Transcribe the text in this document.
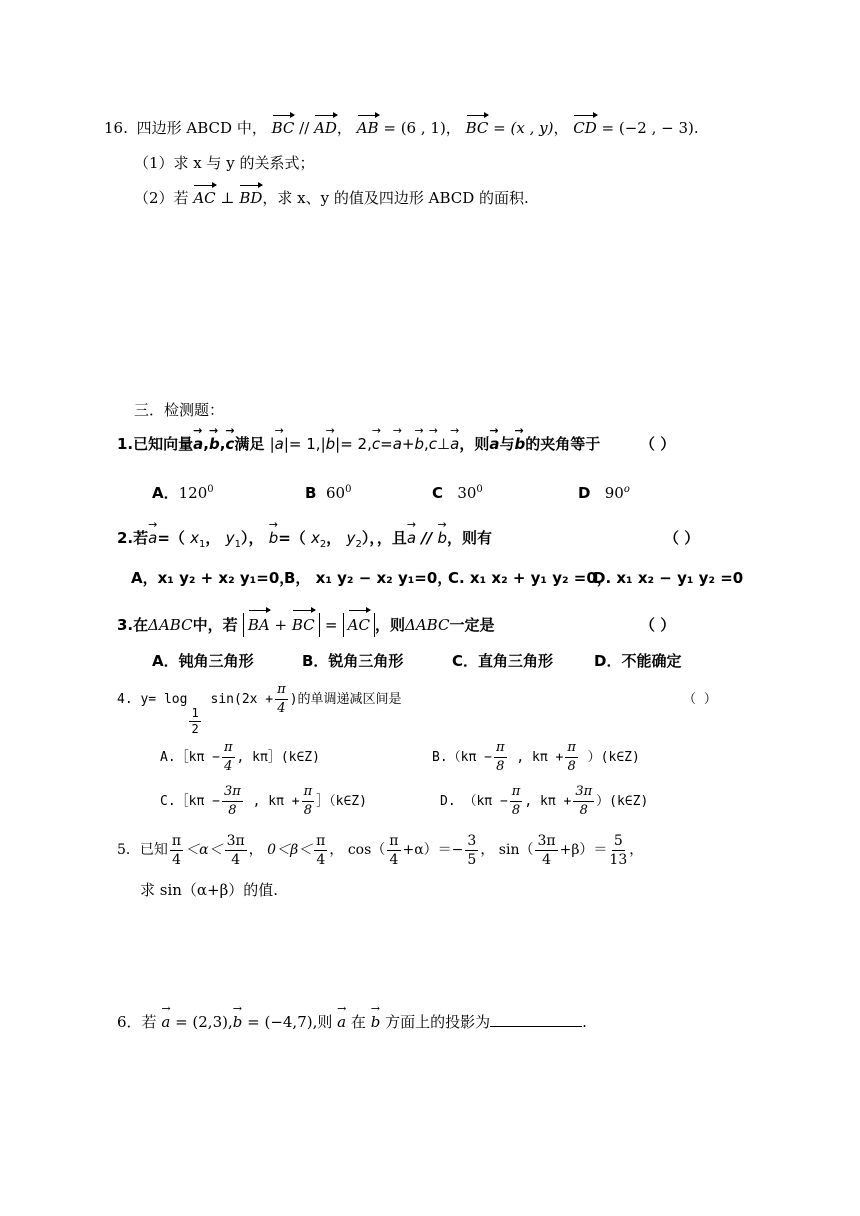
16. 四边形 ABCD 中， BC // AD， AB = (6 , 1)， BC = (x , y)， CD = (−2 , − 3).
（1）求 x 与 y 的关系式；
（2）若 AC ⊥ BD，求 x、y 的值及四边形 ABCD 的面积.
三．检测题：
1.已知向量→ a,→ b,→ c满足 |→ a|= 1,|→ b|= 2,→ c=→ a+→ b,→ c⊥→ a，则→ a与→ b的夹角等于	（ ）
A．$120^0$	B $60^0$	C $30^0$	D 90$^o$
2.若→ a=（ $x_1$， $y_1$）， → b=（ $x_2$， $y_2$），，且→ a // → b，则有	（ ）
A，x₁ y₂ + x₂ y₁=0，
B， x₁ y₂ − x₂ y₁=0，
C. x₁ x₂ + y₁ y₂ =0，
D. x₁ x₂ − y₁ y₂ =0
3.在ΔABC中，若 BA + BC = AC ，则ΔABC一定是	（ ）
A．钝角三角形	B．锐角三角形	C．直角三角形	D．不能确定
4. y= log
$\frac{1}{2}$
$\sin(2x + \frac{\pi}{4}$ )的单调递减区间是	（ ）
A.［kπ − $\frac{\pi}{4}$ , kπ］(k∈Z)	$B.(k\pi - \frac{\pi}{8}$ , $k\pi + \frac{\pi}{8}$ ）(k∈Z)
C.［kπ − $\frac{3\pi}{8}$ , $k\pi + \frac{\pi}{8}$ ］（k∈Z)	D. （$k\pi - \frac{\pi}{8}$ , $k\pi + \frac{3\pi}{8}$ ）(k∈Z)
5．已知 $\frac{\pi}{4} <\alpha< \frac{3\pi}{4}$ ， $0<\beta< \frac{\pi}{4}$ ， $\cos( \frac{\pi}{4} +\alpha)=- \frac{3}{5}$ ， $\sin( \frac{3\pi}{4} +\beta)= \frac{5}{13}$ ，
求 sin（α+β）的值.
6．若 → a = (2,3),→ b = (−4,7),则 → a 在 → b 方面上的投影为	.
